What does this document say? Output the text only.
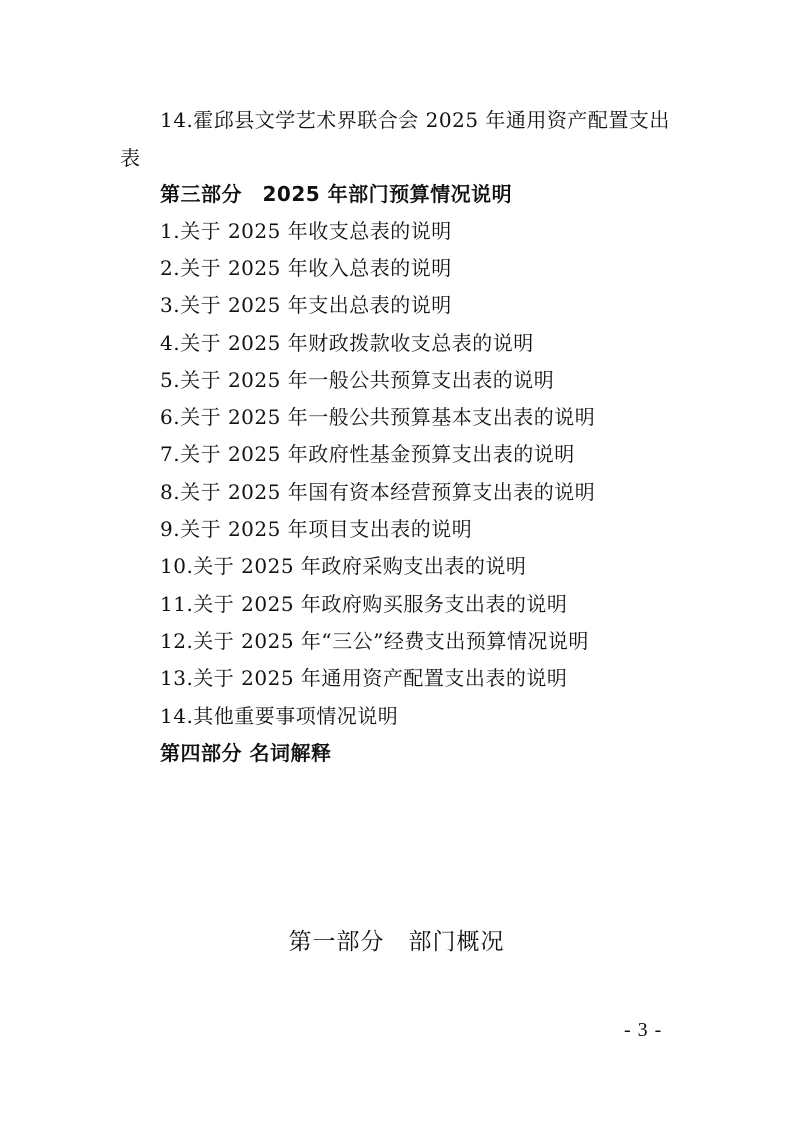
14.霍邱县文学艺术界联合会 2025 年通用资产配置支出
表
第三部分　2025 年部门预算情况说明
1.关于 2025 年收支总表的说明
2.关于 2025 年收入总表的说明
3.关于 2025 年支出总表的说明
4.关于 2025 年财政拨款收支总表的说明
5.关于 2025 年一般公共预算支出表的说明
6.关于 2025 年一般公共预算基本支出表的说明
7.关于 2025 年政府性基金预算支出表的说明
8.关于 2025 年国有资本经营预算支出表的说明
9.关于 2025 年项目支出表的说明
10.关于 2025 年政府采购支出表的说明
11.关于 2025 年政府购买服务支出表的说明
12.关于 2025 年“三公”经费支出预算情况说明
13.关于 2025 年通用资产配置支出表的说明
14.其他重要事项情况说明
第四部分 名词解释
第一部分　部门概况
- 3 -
